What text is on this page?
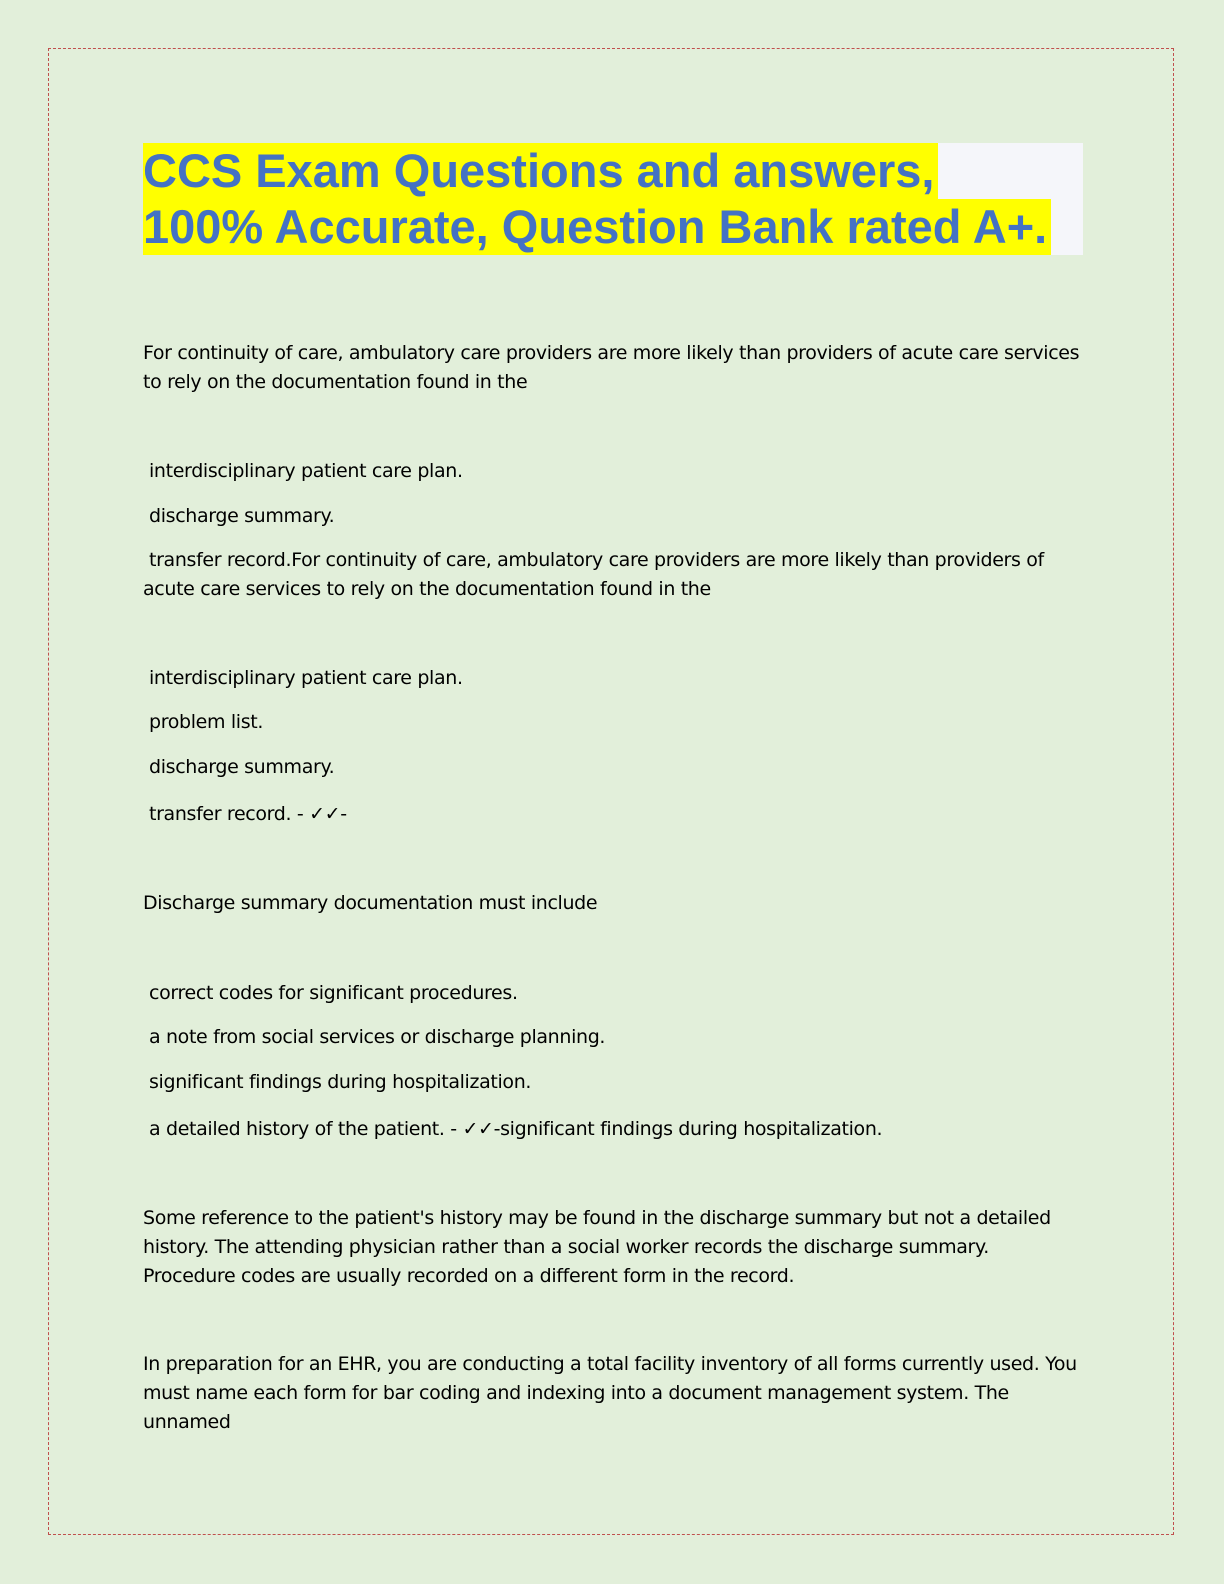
CCS Exam Questions and answers,
100% Accurate, Question Bank rated A+.

For continuity of care, ambulatory care providers are more likely than providers of acute care services to rely on the documentation found in the

interdisciplinary patient care plan.

discharge summary.

transfer record.For continuity of care, ambulatory care providers are more likely than providers of acute care services to rely on the documentation found in the

interdisciplinary patient care plan.

problem list.

discharge summary.

transfer record. - ✓✓-

Discharge summary documentation must include

correct codes for significant procedures.

a note from social services or discharge planning.

significant findings during hospitalization.

a detailed history of the patient. - ✓✓-significant findings during hospitalization.

Some reference to the patient's history may be found in the discharge summary but not a detailed history. The attending physician rather than a social worker records the discharge summary. Procedure codes are usually recorded on a different form in the record.

In preparation for an EHR, you are conducting a total facility inventory of all forms currently used. You must name each form for bar coding and indexing into a document management system. The unnamed
